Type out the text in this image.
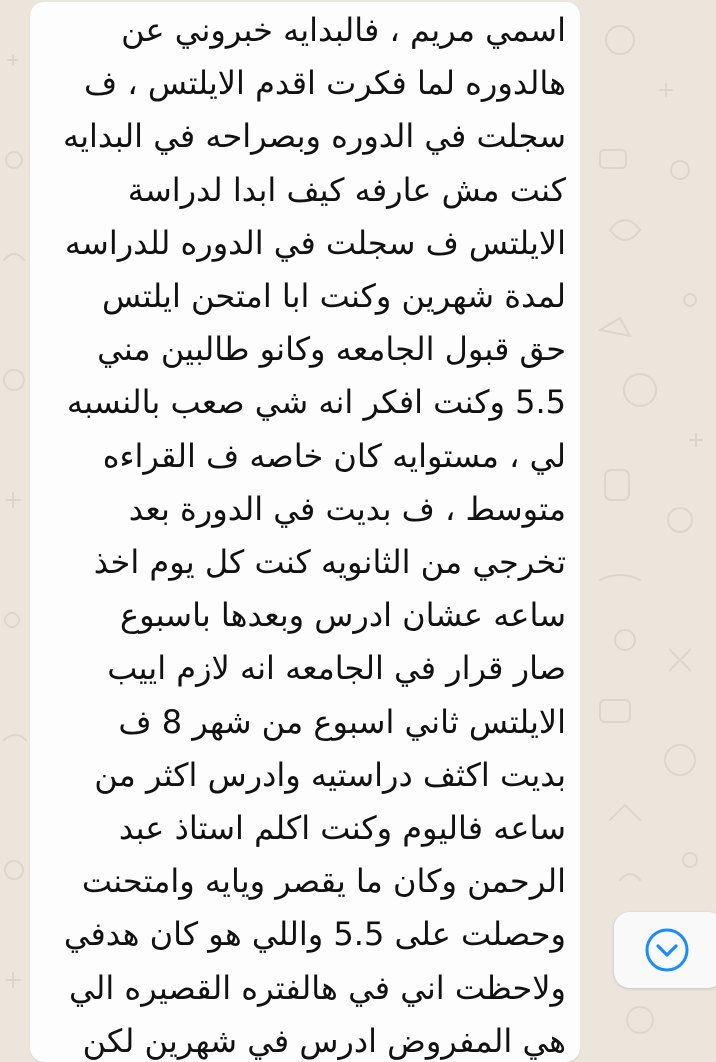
اسمي مريم ، فالبدايه خبروني عن
هالدوره لما فكرت اقدم الايلتس ، ف
سجلت في الدوره وبصراحه في البدايه
كنت مش عارفه كيف ابدا لدراسة
الايلتس ف سجلت في الدوره للدراسه
لمدة شهرين وكنت ابا امتحن ايلتس
حق قبول الجامعه وكانو طالبين مني
5.5 وكنت افكر انه شي صعب بالنسبه
لي ، مستوايه كان خاصه ف القراءه
متوسط ، ف بديت في الدورة بعد
تخرجي من الثانويه كنت كل يوم اخذ
ساعه عشان ادرس وبعدها باسبوع
صار قرار في الجامعه انه لازم اييب
الايلتس ثاني اسبوع من شهر 8 ف
بديت اكثف دراستيه وادرس اكثر من
ساعه فاليوم وكنت اكلم استاذ عبد
الرحمن وكان ما يقصر ويايه وامتحنت
وحصلت على 5.5 واللي هو كان هدفي
ولاحظت اني في هالفتره القصيره الي
هي المفروض ادرس في شهرين لكن
